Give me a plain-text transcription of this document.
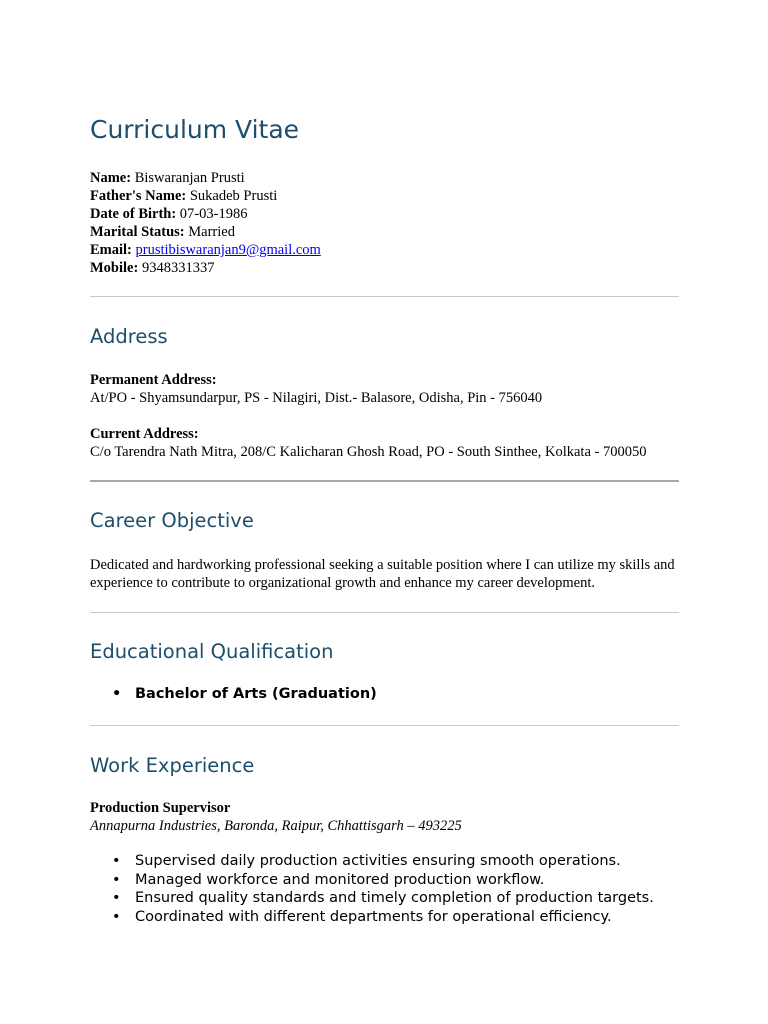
Curriculum Vitae
Name: Biswaranjan Prusti
Father's Name: Sukadeb Prusti
Date of Birth: 07-03-1986
Marital Status: Married
Email: prustibiswaranjan9@gmail.com
Mobile: 9348331337
Address
Permanent Address:
At/PO - Shyamsundarpur, PS - Nilagiri, Dist.- Balasore, Odisha, Pin - 756040
Current Address:
C/o Tarendra Nath Mitra, 208/C Kalicharan Ghosh Road, PO - South Sinthee, Kolkata - 700050
Career Objective
Dedicated and hardworking professional seeking a suitable position where I can utilize my skills and experience to contribute to organizational growth and enhance my career development.
Educational Qualification
• Bachelor of Arts (Graduation)
Work Experience
Production Supervisor
Annapurna Industries, Baronda, Raipur, Chhattisgarh – 493225
• Supervised daily production activities ensuring smooth operations.
• Managed workforce and monitored production workflow.
• Ensured quality standards and timely completion of production targets.
• Coordinated with different departments for operational efficiency.
